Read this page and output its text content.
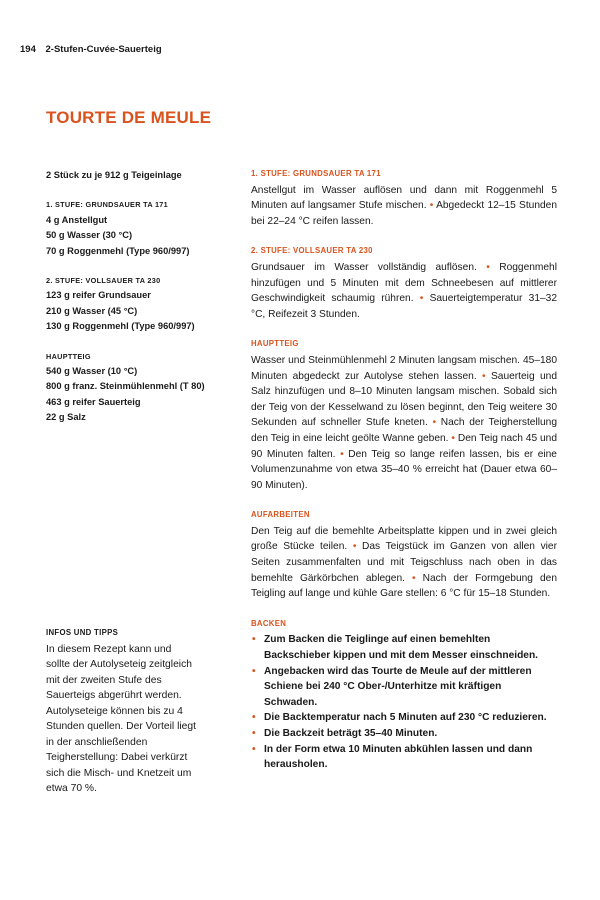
194 2-Stufen-Cuvée-Sauerteig
TOURTE DE MEULE
2 Stück zu je 912 g Teigeinlage
1. STUFE: GRUNDSAUER TA 171
4 g Anstellgut
50 g Wasser (30 °C)
70 g Roggenmehl (Type 960/997)
2. STUFE: VOLLSAUER TA 230
123 g reifer Grundsauer
210 g Wasser (45 °C)
130 g Roggenmehl (Type 960/997)
HAUPTTEIG
540 g Wasser (10 °C)
800 g franz. Steinmühlenmehl (T 80)
463 g reifer Sauerteig
22 g Salz
INFOS UND TIPPS
In diesem Rezept kann und sollte der Autolyseteig zeitgleich mit der zweiten Stufe des Sauerteigs abgerührt werden. Autolyseteige können bis zu 4 Stunden quellen. Der Vorteil liegt in der anschließenden Teigherstellung: Dabei verkürzt sich die Misch- und Knetzeit um etwa 70 %.
1. STUFE: GRUNDSAUER TA 171
Anstellgut im Wasser auflösen und dann mit Roggenmehl 5 Minuten auf langsamer Stufe mischen. • Abgedeckt 12–15 Stunden bei 22–24 °C reifen lassen.
2. STUFE: VOLLSAUER TA 230
Grundsauer im Wasser vollständig auflösen. • Roggenmehl hinzufügen und 5 Minuten mit dem Schneebesen auf mittlerer Geschwindigkeit schaumig rühren. • Sauerteigtemperatur 31–32 °C, Reifezeit 3 Stunden.
HAUPTTEIG
Wasser und Steinmühlenmehl 2 Minuten langsam mischen. 45–180 Minuten abgedeckt zur Autolyse stehen lassen. • Sauerteig und Salz hinzufügen und 8–10 Minuten langsam mischen. Sobald sich der Teig von der Kesselwand zu lösen beginnt, den Teig weitere 30 Sekunden auf schneller Stufe kneten. • Nach der Teigherstellung den Teig in eine leicht geölte Wanne geben. • Den Teig nach 45 und 90 Minuten falten. • Den Teig so lange reifen lassen, bis er eine Volumenzunahme von etwa 35–40 % erreicht hat (Dauer etwa 60–90 Minuten).
AUFARBEITEN
Den Teig auf die bemehlte Arbeitsplatte kippen und in zwei gleich große Stücke teilen. • Das Teigstück im Ganzen von allen vier Seiten zusammenfalten und mit Teigschluss nach oben in das bemehlte Gärkörbchen ablegen. • Nach der Formgebung den Teigling auf lange und kühle Gare stellen: 6 °C für 15–18 Stunden.
BACKEN
• Zum Backen die Teiglinge auf einen bemehlten Backschieber kippen und mit dem Messer einschneiden.
• Angebacken wird das Tourte de Meule auf der mittleren Schiene bei 240 °C Ober-/Unterhitze mit kräftigen Schwaden.
• Die Backtemperatur nach 5 Minuten auf 230 °C reduzieren.
• Die Backzeit beträgt 35–40 Minuten.
• In der Form etwa 10 Minuten abkühlen lassen und dann herausholen.
